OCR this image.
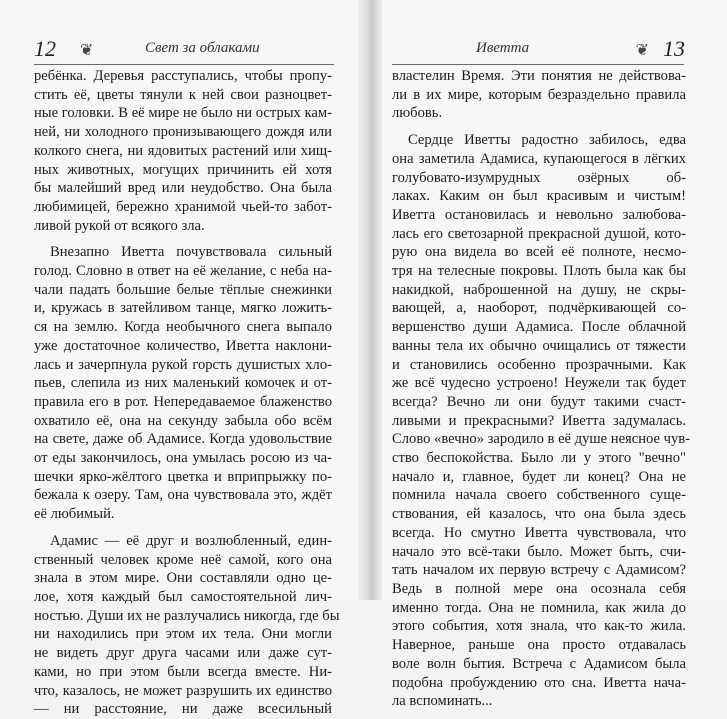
12 ❦	Свет за облаками

ребёнка. Деревья расступались, чтобы пропу-
стить её, цветы тянули к ней свои разноцвет-
ные головки. В её мире не было ни острых кам-
ней, ни холодного пронизывающего дождя или
колкого снега, ни ядовитых растений или хищ-
ных животных, могущих причинить ей хотя
бы малейший вред или неудобство. Она была
любимицей, бережно хранимой чьей-то забот-
ливой рукой от всякого зла.

Внезапно Иветта почувствовала сильный
голод. Словно в ответ на её желание, с неба на-
чали падать большие белые тёплые снежинки
и, кружась в затейливом танце, мягко ложить-
ся на землю. Когда необычного снега выпало
уже достаточное количество, Иветта наклони-
лась и зачерпнула рукой горсть душистых хло-
пьев, слепила из них маленький комочек и от-
правила его в рот. Непередаваемое блаженство
охватило её, она на секунду забыла обо всём
на свете, даже об Адамисе. Когда удовольствие
от еды закончилось, она умылась росою из ча-
шечки ярко-жёлтого цветка и вприпрыжку по-
бежала к озеру. Там, она чувствовала это, ждёт
её любимый.

Адамис — её друг и возлюбленный, един-
ственный человек кроме неё самой, кого она
знала в этом мире. Они составляли одно це-
лое, хотя каждый был самостоятельной лич-
ностью. Души их не разлучались никогда, где бы
ни находились при этом их тела. Они могли
не видеть друг друга часами или даже сут-
ками, но при этом были всегда вместе. Ни-
что, казалось, не может разрушить их единство
— ни расстояние, ни даже всесильный

Иветта	❦ 13

властелин Время. Эти понятия не действова-
ли в их мире, которым безраздельно правила
любовь.

Сердце Иветты радостно забилось, едва
она заметила Адамиса, купающегося в лёгких
голубовато-изумрудных озёрных об-
лаках. Каким он был красивым и чистым!
Иветта остановилась и невольно залюбова-
лась его светозарной прекрасной душой, кото-
рую она видела во всей её полноте, несмо-
тря на телесные покровы. Плоть была как бы
накидкой, наброшенной на душу, не скры-
вающей, а, наоборот, подчёркивающей со-
вершенство души Адамиса. После облачной
ванны тела их обычно очищались от тяжести
и становились особенно прозрачными. Как
же всё чудесно устроено! Неужели так будет
всегда? Вечно ли они будут такими счаст-
ливыми и прекрасными? Иветта задумалась.
Слово «вечно» зародило в её душе неясное чув-
ство беспокойства. Было ли у этого "вечно"
начало и, главное, будет ли конец? Она не
помнила начала своего собственного суще-
ствования, ей казалось, что она была здесь
всегда. Но смутно Иветта чувствовала, что
начало это всё-таки было. Может быть, счи-
тать началом их первую встречу с Адамисом?
Ведь в полной мере она осознала себя
именно тогда. Она не помнила, как жила до
этого события, хотя знала, что как-то жила.
Наверное, раньше она просто отдавалась
воле волн бытия. Встреча с Адамисом была
подобна пробуждению ото сна. Иветта нача-
ла вспоминать...
